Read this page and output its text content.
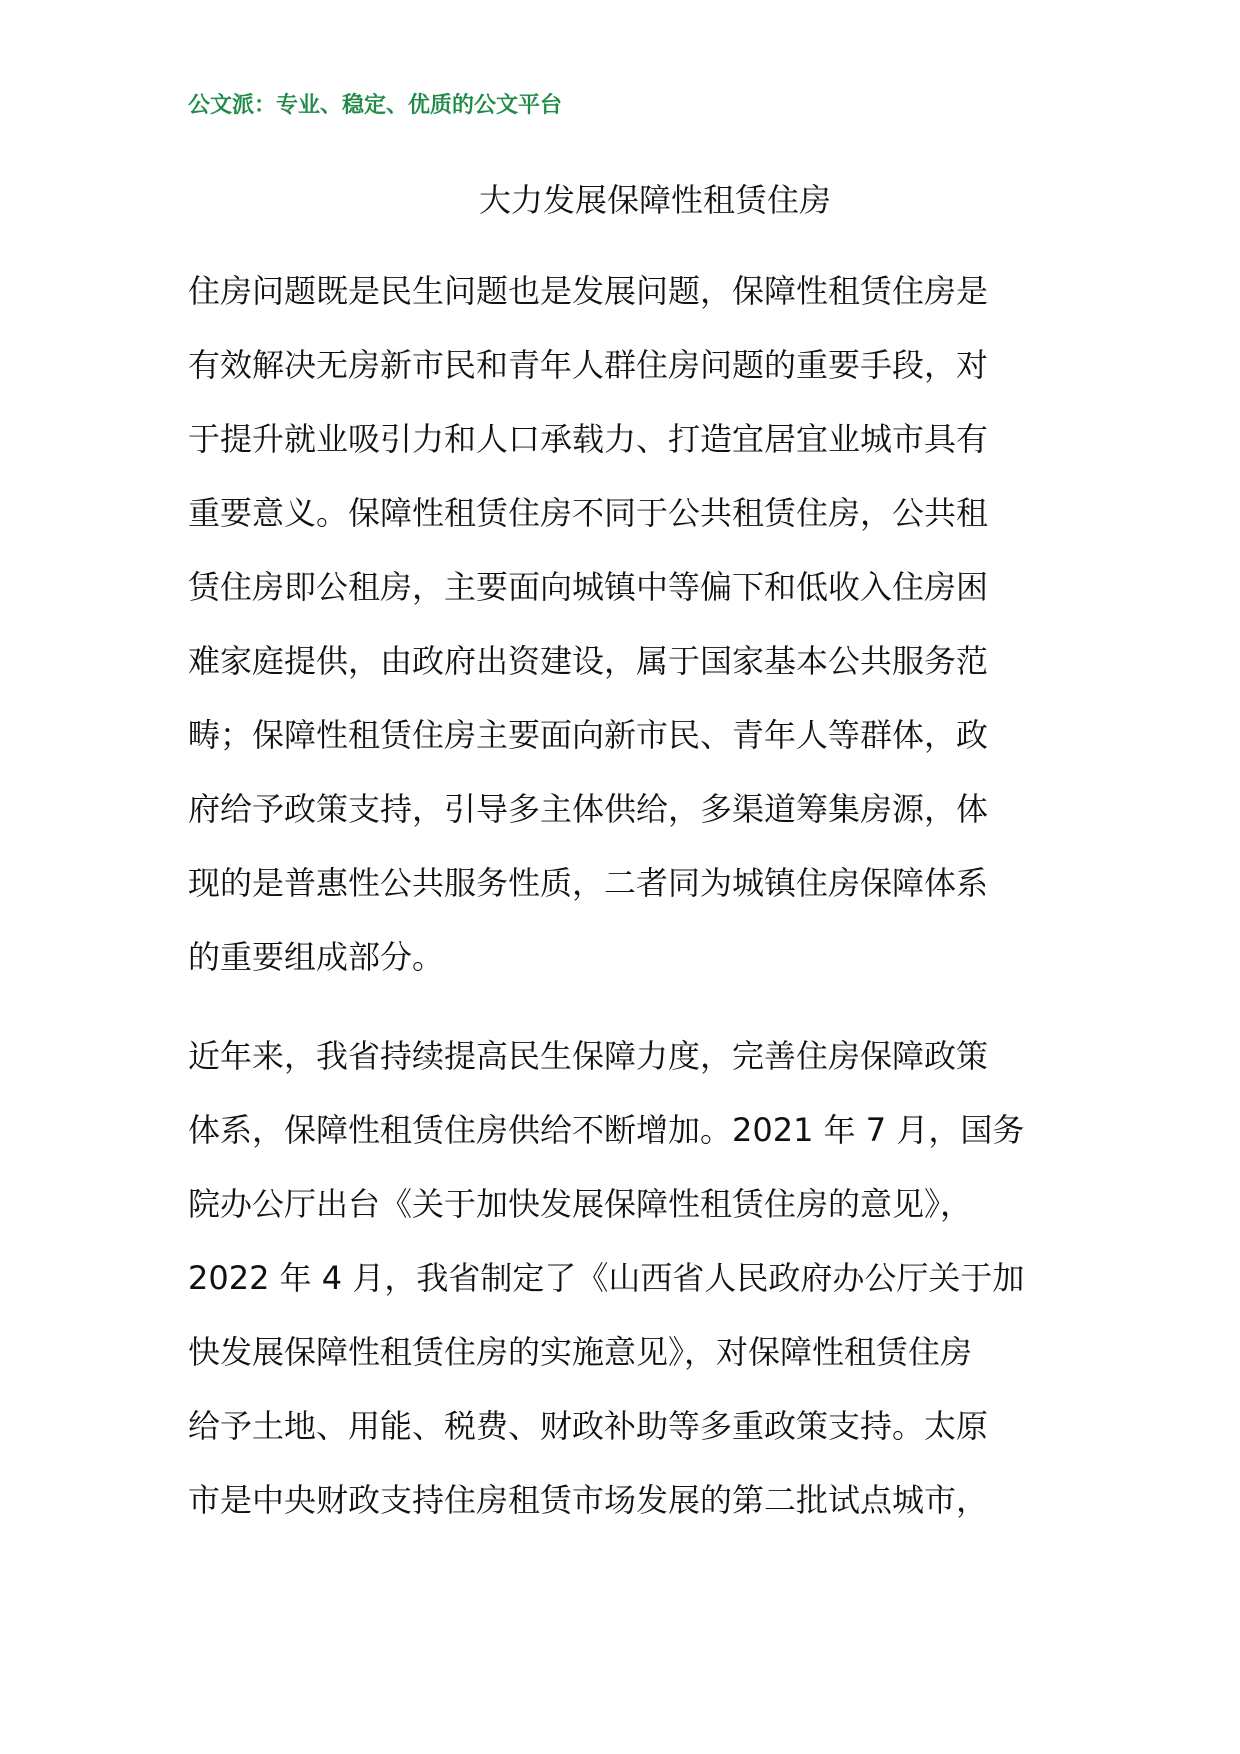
公文派：专业、稳定、优质的公文平台
大力发展保障性租赁住房
住房问题既是民生问题也是发展问题，保障性租赁住房是
有效解决无房新市民和青年人群住房问题的重要手段，对
于提升就业吸引力和人口承载力、打造宜居宜业城市具有
重要意义。保障性租赁住房不同于公共租赁住房，公共租
赁住房即公租房，主要面向城镇中等偏下和低收入住房困
难家庭提供，由政府出资建设，属于国家基本公共服务范
畴；保障性租赁住房主要面向新市民、青年人等群体，政
府给予政策支持，引导多主体供给，多渠道筹集房源，体
现的是普惠性公共服务性质，二者同为城镇住房保障体系
的重要组成部分。
近年来，我省持续提高民生保障力度，完善住房保障政策
体系，保障性租赁住房供给不断增加。2021 年 7 月，国务
院办公厅出台《关于加快发展保障性租赁住房的意见》，
2022 年 4 月，我省制定了《山西省人民政府办公厅关于加
快发展保障性租赁住房的实施意见》，对保障性租赁住房
给予土地、用能、税费、财政补助等多重政策支持。太原
市是中央财政支持住房租赁市场发展的第二批试点城市，
